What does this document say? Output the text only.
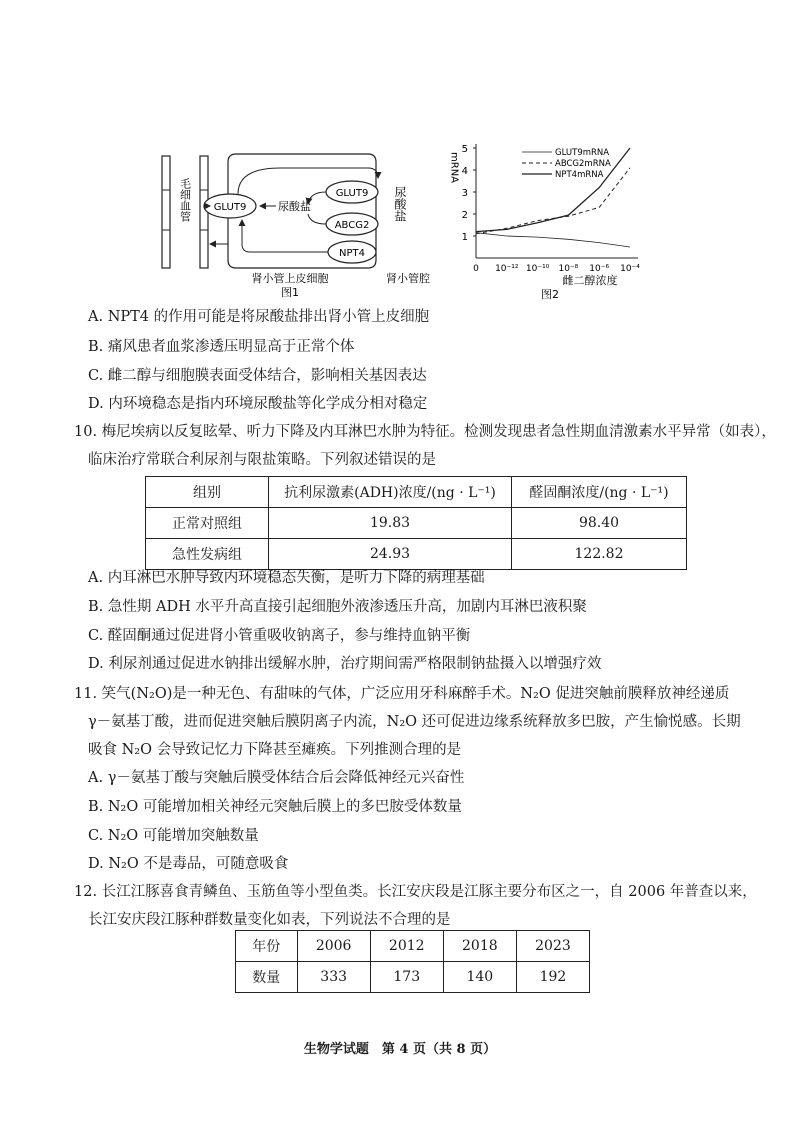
毛细血管 GLUT9	尿酸盐
GLUT9
ABCG2
NPT4
尿酸盐
肾小管上皮细胞	肾小管腔
图1
1
2
3
4
5
0 10⁻¹² 10⁻¹⁰ 10⁻⁸ 10⁻⁶ 10⁻⁴
mRNA
雌二醇浓度
图2
GLUT9mRNA
ABCG2mRNA
NPT4mRNA
A. NPT4 的作用可能是将尿酸盐排出肾小管上皮细胞
B. 痛风患者血浆渗透压明显高于正常个体
C. 雌二醇与细胞膜表面受体结合，影响相关基因表达
D. 内环境稳态是指内环境尿酸盐等化学成分相对稳定
10. 梅尼埃病以反复眩晕、听力下降及内耳淋巴水肿为特征。检测发现患者急性期血清激素水平异常（如表），
临床治疗常联合利尿剂与限盐策略。下列叙述错误的是
组别	抗利尿激素(ADH)浓度/(ng · L⁻¹)	醛固酮浓度/(ng · L⁻¹)
正常对照组	19.83	98.40
急性发病组	24.93	122.82
A. 内耳淋巴水肿导致内环境稳态失衡，是听力下降的病理基础
B. 急性期 ADH 水平升高直接引起细胞外液渗透压升高，加剧内耳淋巴液积聚
C. 醛固酮通过促进肾小管重吸收钠离子，参与维持血钠平衡
D. 利尿剂通过促进水钠排出缓解水肿，治疗期间需严格限制钠盐摄入以增强疗效
11. 笑气(N₂O)是一种无色、有甜味的气体，广泛应用牙科麻醉手术。N₂O 促进突触前膜释放神经递质
γ－氨基丁酸，进而促进突触后膜阴离子内流，N₂O 还可促进边缘系统释放多巴胺，产生愉悦感。长期
吸食 N₂O 会导致记忆力下降甚至瘫痪。下列推测合理的是
A. γ－氨基丁酸与突触后膜受体结合后会降低神经元兴奋性
B. N₂O 可能增加相关神经元突触后膜上的多巴胺受体数量
C. N₂O 可能增加突触数量
D. N₂O 不是毒品，可随意吸食
12. 长江江豚喜食青鳞鱼、玉筋鱼等小型鱼类。长江安庆段是江豚主要分布区之一，自 2006 年普查以来，
长江安庆段江豚种群数量变化如表，下列说法不合理的是
年份	2006	2012	2018	2023
数量	333	173	140	192
生物学试题　第 4 页（共 8 页）
